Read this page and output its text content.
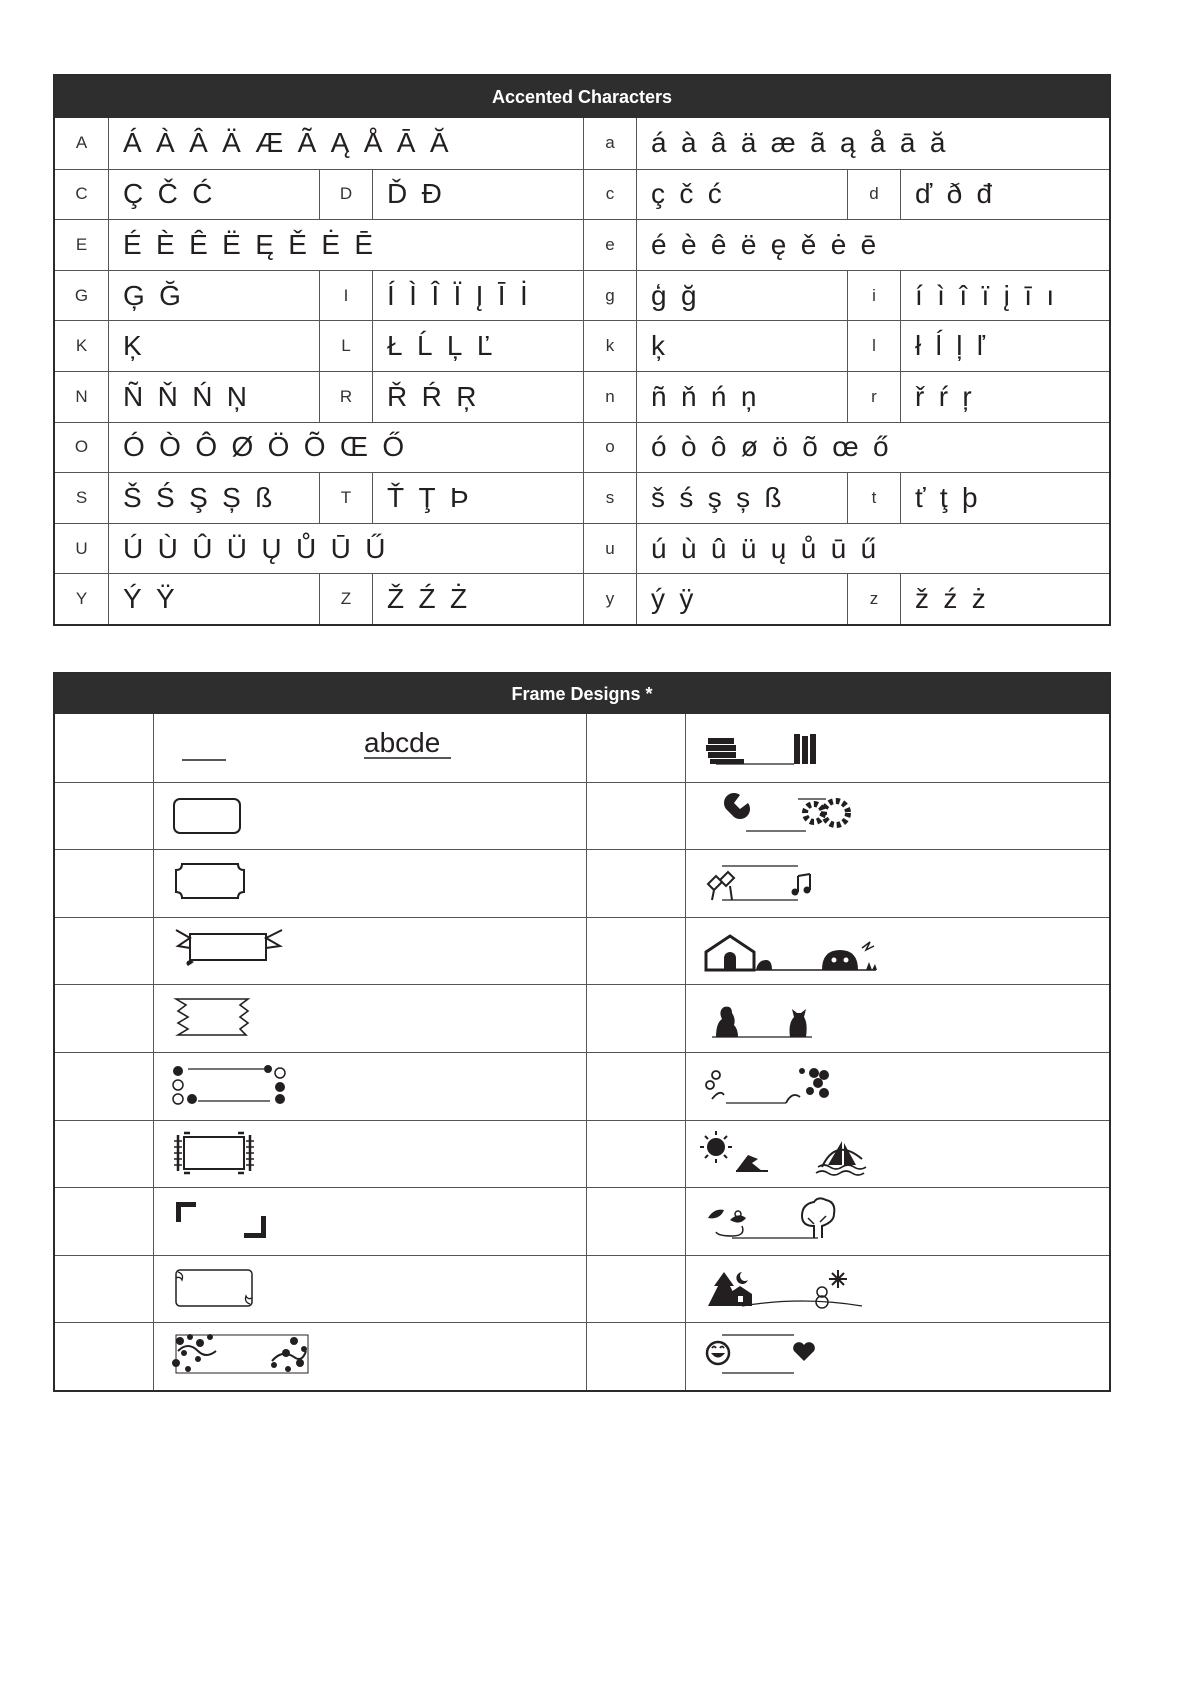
Accented Characters
A	Á À Â Ä Æ Ã Ą Å Ā Ă	a	á à â ä æ ã ą å ā ă
C	Ç Č Ć	D	Ď Đ	c	ç č ć	d	ď ð đ
E	É È Ê Ë Ę Ě Ė Ē	e	é è ê ë ę ě ė ē
G	Ģ Ğ	I	Í Ì Î Ï Į Ī İ	g	ģ ğ	i	í ì î ï į ī ı
K	Ķ	L	Ł Ĺ Ļ Ľ	k	ķ	l	ł ĺ ļ ľ
N	Ñ Ň Ń Ņ	R	Ř Ŕ Ŗ	n	ñ ň ń ņ	r	ř ŕ ŗ
O	Ó Ò Ô Ø Ö Õ Œ Ő	o	ó ò ô ø ö õ œ ő
S	Š Ś Ş Ș ß	T	Ť Ţ Þ	s	š ś ş ș ß	t	ť ţ þ
U	Ú Ù Û Ü Ų Ů Ū Ű	u	ú ù û ü ų ů ū ű
Y	Ý Ÿ	Z	Ž Ź Ż	y	ý ÿ	z	ž ź ż
Frame Designs *
abcde
